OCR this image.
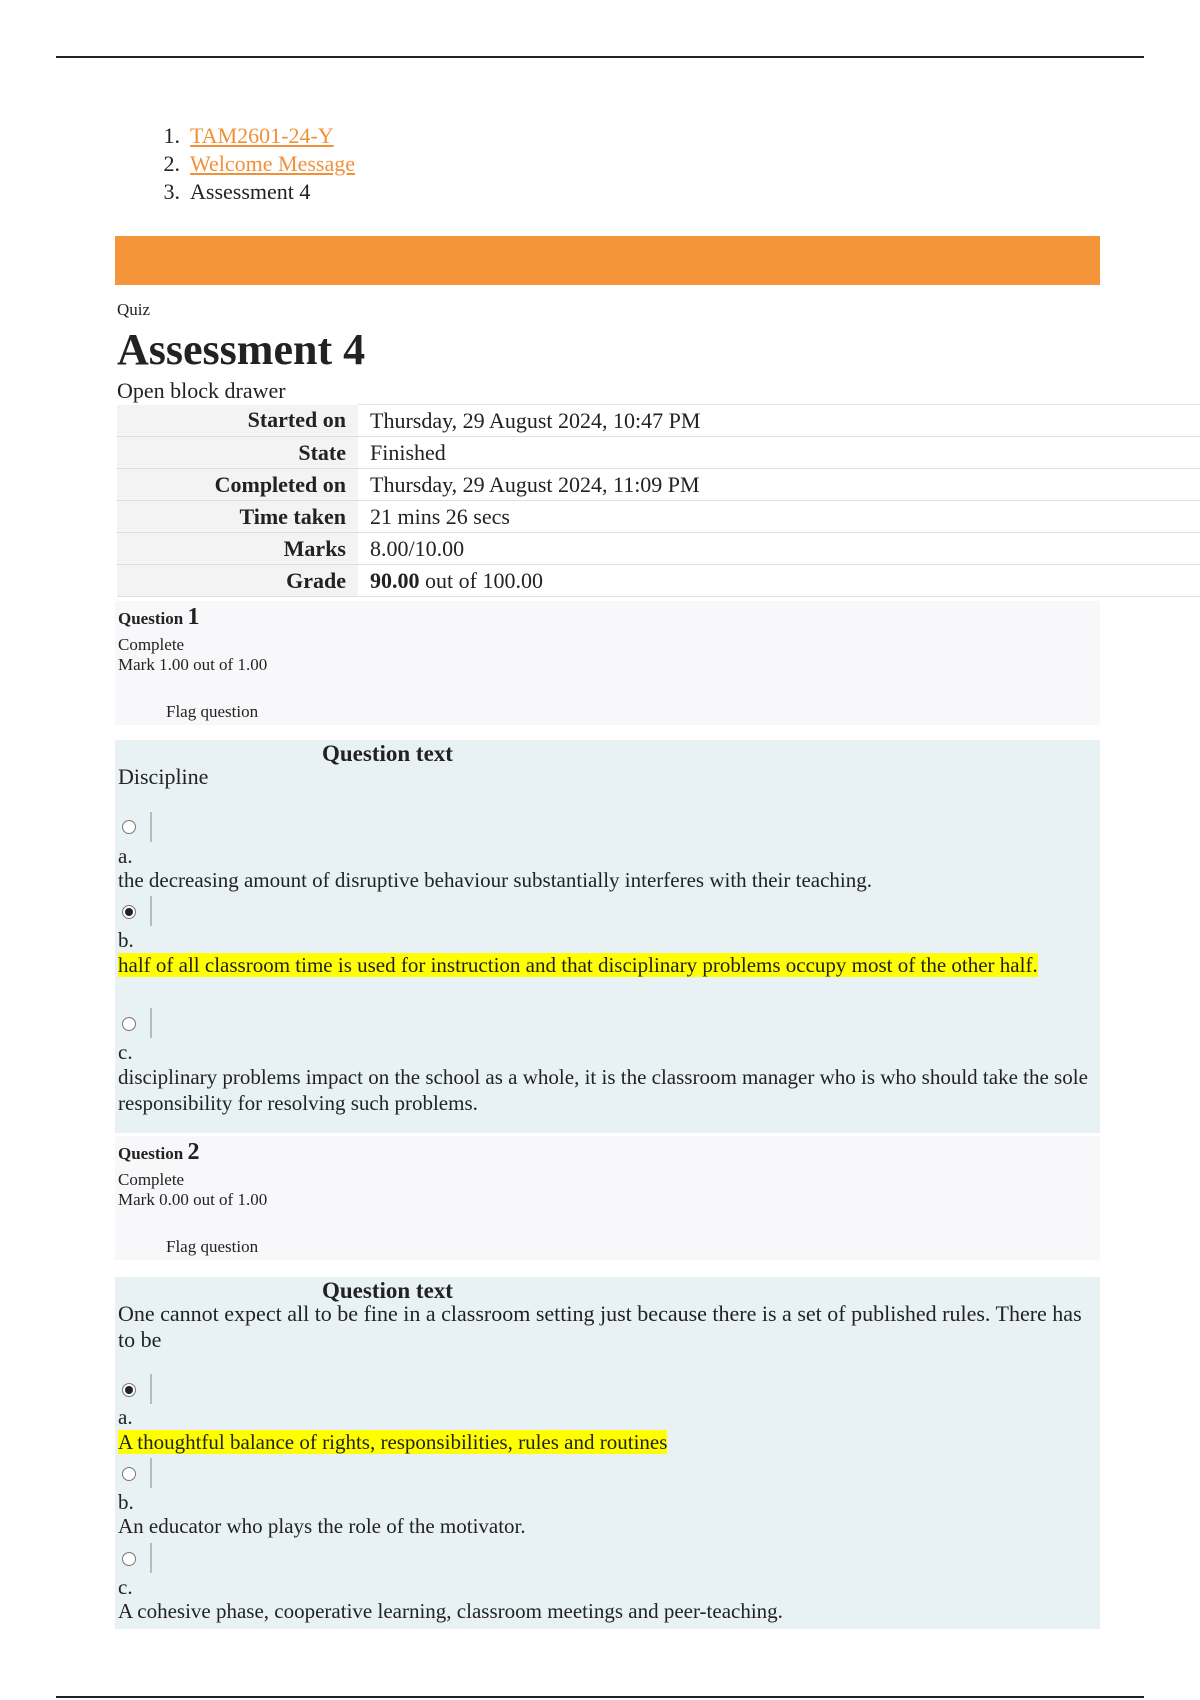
1. TAM2601-24-Y
2. Welcome Message
3. Assessment 4
Quiz
Assessment 4
Open block drawer
Started on	Thursday, 29 August 2024, 10:47 PM
State	Finished
Completed on	Thursday, 29 August 2024, 11:09 PM
Time taken	21 mins 26 secs
Marks	8.00/10.00
Grade	90.00 out of 100.00
Question 1
Complete
Mark 1.00 out of 1.00
Flag question
Question text
Discipline
a.
the decreasing amount of disruptive behaviour substantially interferes with their teaching.
b.
half of all classroom time is used for instruction and that disciplinary problems occupy most of the other half.
c.
disciplinary problems impact on the school as a whole, it is the classroom manager who is who should take the sole responsibility for resolving such problems.
Question 2
Complete
Mark 0.00 out of 1.00
Flag question
Question text
One cannot expect all to be fine in a classroom setting just because there is a set of published rules. There has to be
a.
A thoughtful balance of rights, responsibilities, rules and routines
b.
An educator who plays the role of the motivator.
c.
A cohesive phase, cooperative learning, classroom meetings and peer-teaching.
